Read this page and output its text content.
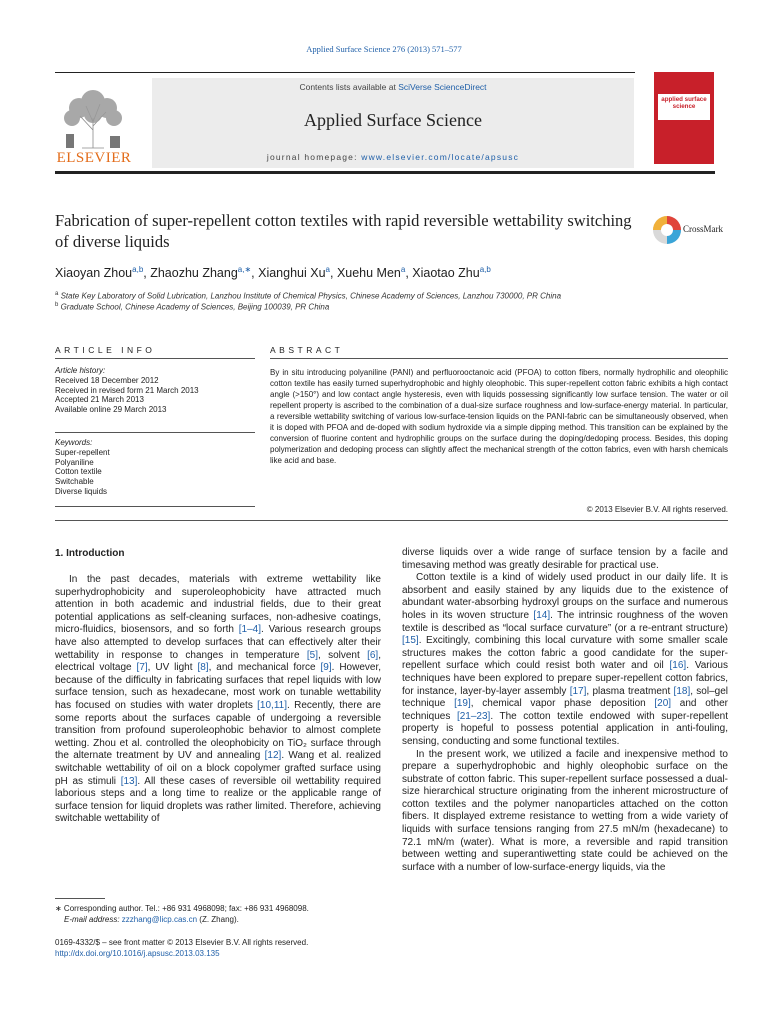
Applied Surface Science 276 (2013) 571–577
ELSEVIER
Contents lists available at SciVerse ScienceDirect
Applied Surface Science
journal homepage: www.elsevier.com/locate/apsusc
applied surface science
Fabrication of super-repellent cotton textiles with rapid reversible wettability switching of diverse liquids
CrossMark
Xiaoyan Zhou$^{a,b}$, Zhaozhu Zhang$^{a,∗}$, Xianghui Xu$^a$, Xuehu Men$^a$, Xiaotao Zhu$^{a,b}$
$^a$ State Key Laboratory of Solid Lubrication, Lanzhou Institute of Chemical Physics, Chinese Academy of Sciences, Lanzhou 730000, PR China
$^b$ Graduate School, Chinese Academy of Sciences, Beijing 100039, PR China
ARTICLE INFO	ABSTRACT
Article history:
Received 18 December 2012
Received in revised form 21 March 2013
Accepted 21 March 2013
Available online 29 March 2013
Keywords:
Super-repellent
Polyaniline
Cotton textile
Switchable
Diverse liquids
By in situ introducing polyaniline (PANI) and perfluorooctanoic acid (PFOA) to cotton fibers, normally hydrophilic and oleophilic cotton textile has easily turned superhydrophobic and highly oleophobic. This super-repellent cotton fabric exhibits a high contact angle (>150°) and low contact angle hysteresis, even with liquids possessing significantly low surface tension. The water or oil repellent property is ascribed to the combination of a dual-size surface roughness and low-surface-energy material. In particular, a reversible wettability switching of various low-surface-tension liquids on the PANI-fabric can be simultaneously observed, when it is doped with PFOA and de-doped with sodium hydroxide via a simple dipping method. This transition can be explained by the conversion of fluorine content and hydrophilic groups on the surface during the doping/dedoping process. Besides, this doping polymerization and dedoping process can slightly affect the mechanical strength of the cotton fabrics, even with harsh chemicals like acid and base.
© 2013 Elsevier B.V. All rights reserved.
1. Introduction

In the past decades, materials with extreme wettability like superhydrophobicity and superoleophobicity have attracted much attention in both academic and industrial fields, due to their great potential applications as self-cleaning surfaces, non-adhesive coatings, micro-fluidics, biosensors, and so forth [1–4]. Various research groups have also attempted to develop surfaces that can effectively alter their wettability in response to changes in temperature [5], solvent [6], electrical voltage [7], UV light [8], and mechanical force [9]. However, because of the difficulty in fabricating surfaces that repel liquids with low surface tension, such as hexadecane, most work on tunable wettability has focused on studies with water droplets [10,11]. Recently, there are some reports about the surfaces capable of undergoing a reversible transition from profound superoleophobic behavior to almost complete wetting. Zhou et al. controlled the oleophobicity on TiO₂ surface through the alternate treatment by UV and annealing [12]. Wang et al. realized switchable wettability of oil on a block copolymer grafted surface using pH as stimuli [13]. All these cases of reversible oil wettability required laborious steps and a long time to realize or the applicable range of surface tension for liquid droplets was rather limited. Therefore, achieving switchable wettability of

diverse liquids over a wide range of surface tension by a facile and timesaving method was greatly desirable for practical use.

Cotton textile is a kind of widely used product in our daily life. It is absorbent and easily stained by any liquids due to the existence of abundant water-absorbing hydroxyl groups on the surface and numerous holes in its woven structure [14]. The intrinsic roughness of the woven textile is described as “local surface curvature” (or a re-entrant structure) [15]. Excitingly, combining this local curvature with some smaller scale structures makes the cotton fabric a good candidate for the super-repellent surface which could resist both water and oil [16]. Various techniques have been explored to prepare super-repellent cotton fabrics, for instance, layer-by-layer assembly [17], plasma treatment [18], sol–gel technique [19], chemical vapor phase deposition [20] and other techniques [21–23]. The cotton textile endowed with super-repellent property is hopeful to possess potential application in anti-fouling, sensing, conducting and some functional textiles.

In the present work, we utilized a facile and inexpensive method to prepare a superhydrophobic and highly oleophobic surface on the substrate of cotton fabric. This super-repellent surface possessed a dual-size hierarchical structure originating from the inherent microstructure of cotton textiles and the polymer nanoparticles attached on the cotton fibers. It displayed extreme resistance to wetting from a wide variety of liquids with surface tensions ranging from 27.5 mN/m (hexadecane) to 72.1 mN/m (water). What is more, a reversible and rapid transition between wetting and superantiwetting state could be achieved on the surface with a number of low-surface-energy liquids, via the

∗ Corresponding author. Tel.: +86 931 4968098; fax: +86 931 4968098.
E-mail address: zzzhang@licp.cas.cn (Z. Zhang).
0169-4332/$ – see front matter © 2013 Elsevier B.V. All rights reserved.
http://dx.doi.org/10.1016/j.apsusc.2013.03.135
